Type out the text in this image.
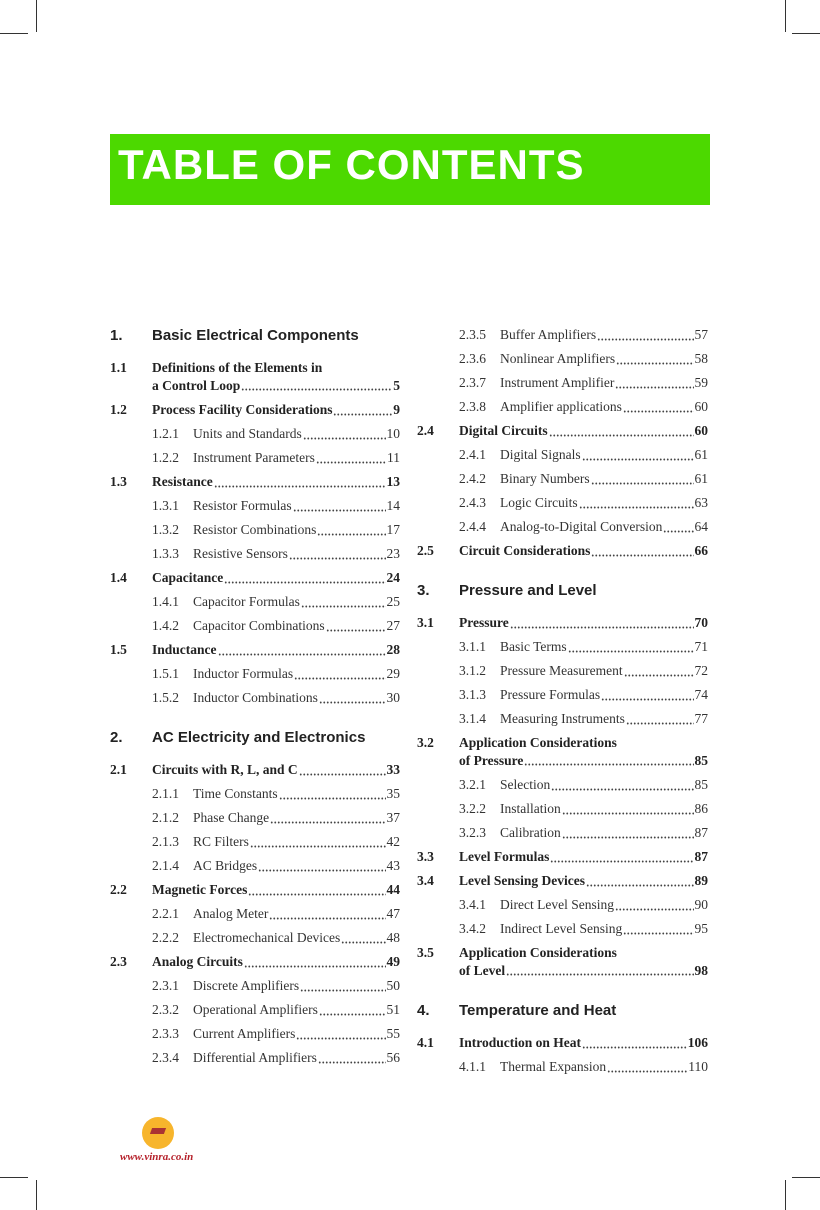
TABLE OF CONTENTS
1.	Basic Electrical Components
1.1	Definitions of the Elements in
a Control Loop	5
1.2	Process Facility Considerations	9
1.2.1	Units and Standards	10
1.2.2	Instrument Parameters	11
1.3	Resistance	13
1.3.1	Resistor Formulas	14
1.3.2	Resistor Combinations	17
1.3.3	Resistive Sensors	23
1.4	Capacitance	24
1.4.1	Capacitor Formulas	25
1.4.2	Capacitor Combinations	27
1.5	Inductance	28
1.5.1	Inductor Formulas	29
1.5.2	Inductor Combinations	30
2.	AC Electricity and Electronics
2.1	Circuits with R, L, and C	33
2.1.1	Time Constants	35
2.1.2	Phase Change	37
2.1.3	RC Filters	42
2.1.4	AC Bridges	43
2.2	Magnetic Forces	44
2.2.1	Analog Meter	47
2.2.2	Electromechanical Devices	48
2.3	Analog Circuits	49
2.3.1	Discrete Amplifiers	50
2.3.2	Operational Amplifiers	51
2.3.3	Current Amplifiers	55
2.3.4	Differential Amplifiers	56
2.3.5	Buffer Amplifiers	57
2.3.6	Nonlinear Amplifiers	58
2.3.7	Instrument Amplifier	59
2.3.8	Amplifier applications	60
2.4	Digital Circuits	60
2.4.1	Digital Signals	61
2.4.2	Binary Numbers	61
2.4.3	Logic Circuits	63
2.4.4	Analog-to-Digital Conversion 64
2.5	Circuit Considerations	66
3.	Pressure and Level
3.1	Pressure	70
3.1.1	Basic Terms	71
3.1.2	Pressure Measurement	72
3.1.3	Pressure Formulas	74
3.1.4	Measuring Instruments	77
3.2	Application Considerations
of Pressure	85
3.2.1	Selection	85
3.2.2	Installation	86
3.2.3	Calibration	87
3.3	Level Formulas	87
3.4	Level Sensing Devices	89
3.4.1	Direct Level Sensing	90
3.4.2	Indirect Level Sensing	95
3.5	Application Considerations
of Level	98
4.	Temperature and Heat
4.1	Introduction on Heat	106
4.1.1	Thermal Expansion	110
www.vinra.co.in
